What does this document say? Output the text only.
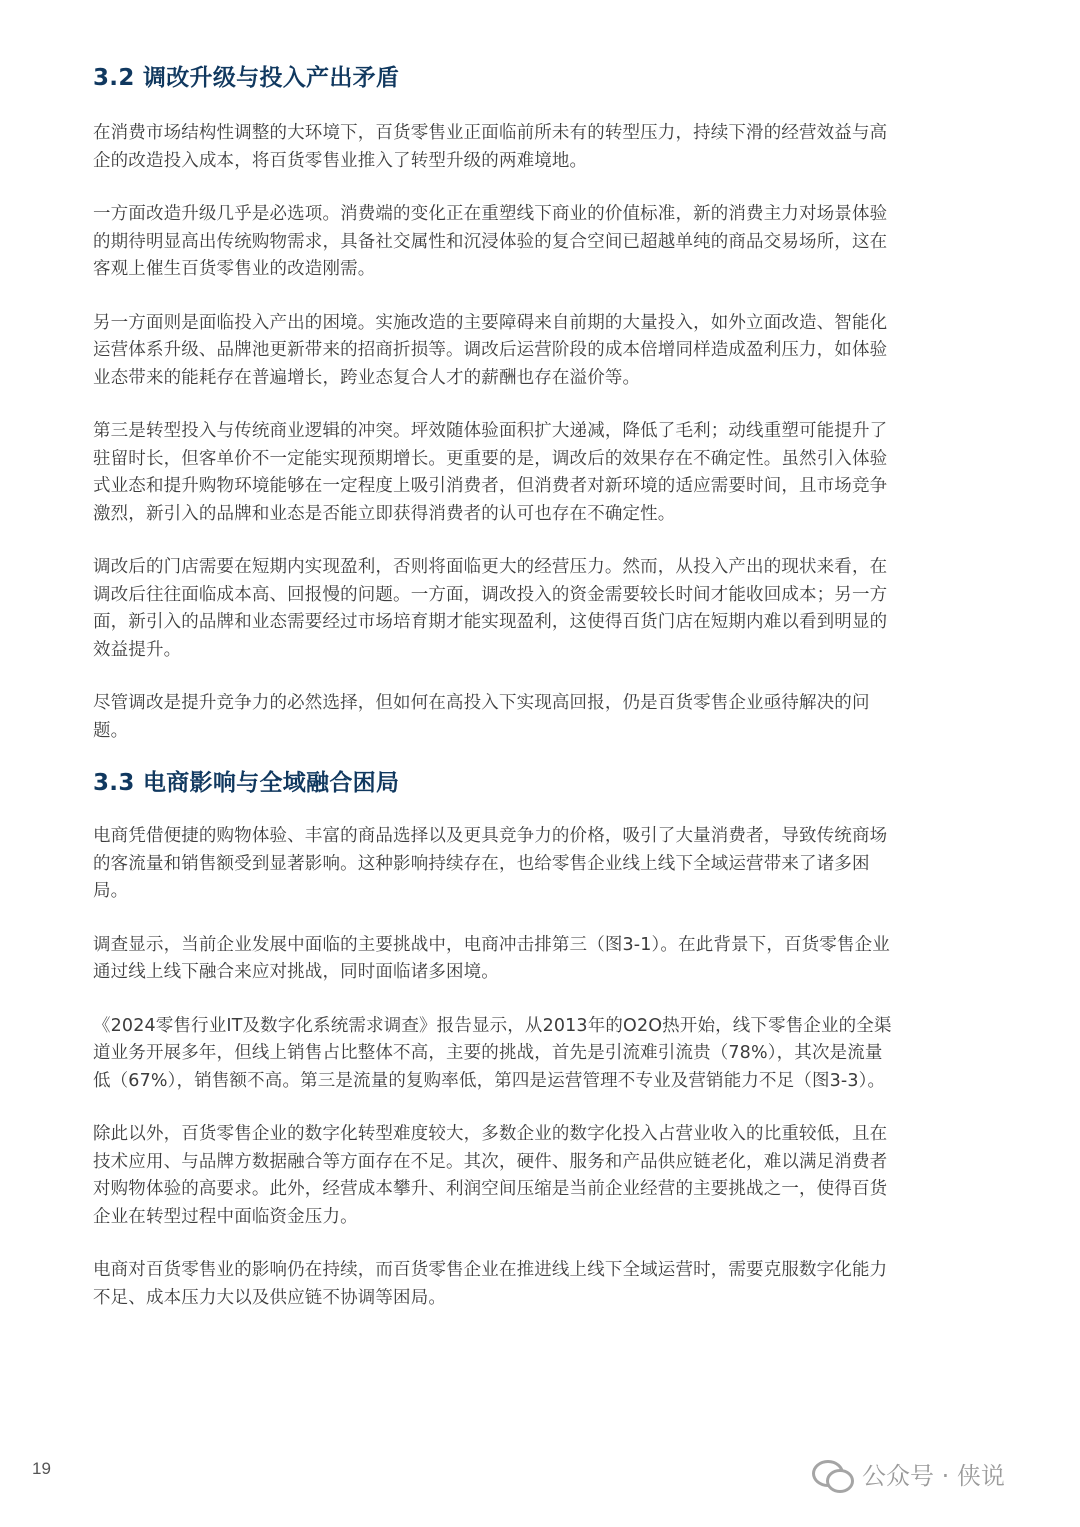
3.2 调改升级与投入产出矛盾

在消费市场结构性调整的大环境下，百货零售业正面临前所未有的转型压力，持续下滑的经营效益与高企的改造投入成本，将百货零售业推入了转型升级的两难境地。

一方面改造升级几乎是必选项。消费端的变化正在重塑线下商业的价值标准，新的消费主力对场景体验的期待明显高出传统购物需求，具备社交属性和沉浸体验的复合空间已超越单纯的商品交易场所，这在客观上催生百货零售业的改造刚需。

另一方面则是面临投入产出的困境。实施改造的主要障碍来自前期的大量投入，如外立面改造、智能化运营体系升级、品牌池更新带来的招商折损等。调改后运营阶段的成本倍增同样造成盈利压力，如体验业态带来的能耗存在普遍增长，跨业态复合人才的薪酬也存在溢价等。

第三是转型投入与传统商业逻辑的冲突。坪效随体验面积扩大递减，降低了毛利；动线重塑可能提升了驻留时长，但客单价不一定能实现预期增长。更重要的是，调改后的效果存在不确定性。虽然引入体验式业态和提升购物环境能够在一定程度上吸引消费者，但消费者对新环境的适应需要时间，且市场竞争激烈，新引入的品牌和业态是否能立即获得消费者的认可也存在不确定性。

调改后的门店需要在短期内实现盈利，否则将面临更大的经营压力。然而，从投入产出的现状来看，在调改后往往面临成本高、回报慢的问题。一方面，调改投入的资金需要较长时间才能收回成本；另一方面，新引入的品牌和业态需要经过市场培育期才能实现盈利，这使得百货门店在短期内难以看到明显的效益提升。

尽管调改是提升竞争力的必然选择，但如何在高投入下实现高回报，仍是百货零售企业亟待解决的问题。

3.3 电商影响与全域融合困局

电商凭借便捷的购物体验、丰富的商品选择以及更具竞争力的价格，吸引了大量消费者，导致传统商场的客流量和销售额受到显著影响。这种影响持续存在，也给零售企业线上线下全域运营带来了诸多困局。

调查显示，当前企业发展中面临的主要挑战中，电商冲击排第三（图3-1）。在此背景下，百货零售企业通过线上线下融合来应对挑战，同时面临诸多困境。

《2024零售行业IT及数字化系统需求调查》报告显示，从2013年的O2O热开始，线下零售企业的全渠道业务开展多年，但线上销售占比整体不高，主要的挑战，首先是引流难引流贵（78%），其次是流量低（67%），销售额不高。第三是流量的复购率低，第四是运营管理不专业及营销能力不足（图3-3）。

除此以外，百货零售企业的数字化转型难度较大，多数企业的数字化投入占营业收入的比重较低，且在技术应用、与品牌方数据融合等方面存在不足。其次，硬件、服务和产品供应链老化，难以满足消费者对购物体验的高要求。此外，经营成本攀升、利润空间压缩是当前企业经营的主要挑战之一，使得百货企业在转型过程中面临资金压力。

电商对百货零售业的影响仍在持续，而百货零售企业在推进线上线下全域运营时，需要克服数字化能力不足、成本压力大以及供应链不协调等困局。

19	公众号 · 侠说
